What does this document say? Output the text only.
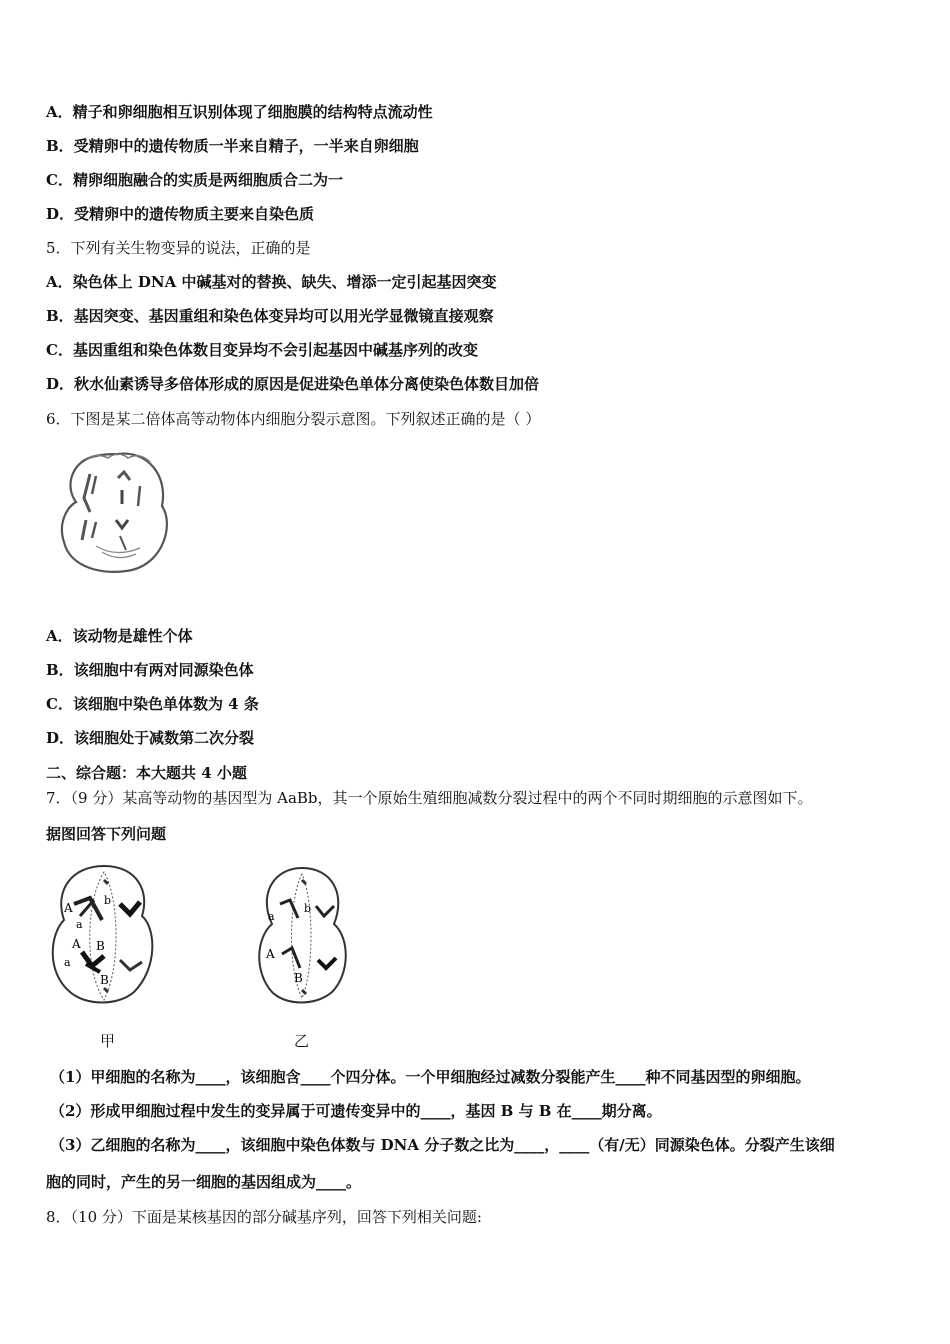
A．精子和卵细胞相互识别体现了细胞膜的结构特点流动性
B．受精卵中的遗传物质一半来自精子，一半来自卵细胞
C．精卵细胞融合的实质是两细胞质合二为一
D．受精卵中的遗传物质主要来自染色质
5．下列有关生物变异的说法，正确的是
A．染色体上 DNA 中碱基对的替换、缺失、增添一定引起基因突变
B．基因突变、基因重组和染色体变异均可以用光学显微镜直接观察
C．基因重组和染色体数目变异均不会引起基因中碱基序列的改变
D．秋水仙素诱导多倍体形成的原因是促进染色单体分离使染色体数目加倍
6．下图是某二倍体高等动物体内细胞分裂示意图。下列叙述正确的是（ ）
A．该动物是雄性个体
B．该细胞中有两对同源染色体
C．该细胞中染色单体数为 4 条
D．该细胞处于减数第二次分裂
二、综合题：本大题共 4 小题
7．（9 分）某高等动物的基因型为 AaBb，其一个原始生殖细胞减数分裂过程中的两个不同时期细胞的示意图如下。
据图回答下列问题
A
a
b
A B
a
B
a
b
A
B
甲	乙
（1）甲细胞的名称为____，该细胞含____个四分体。一个甲细胞经过减数分裂能产生____种不同基因型的卵细胞。
（2）形成甲细胞过程中发生的变异属于可遗传变异中的____，基因 B 与 B 在____期分离。
（3）乙细胞的名称为____，该细胞中染色体数与 DNA 分子数之比为____，____（有/无）同源染色体。分裂产生该细
胞的同时，产生的另一细胞的基因组成为____。
8．（10 分）下面是某核基因的部分碱基序列，回答下列相关问题:
